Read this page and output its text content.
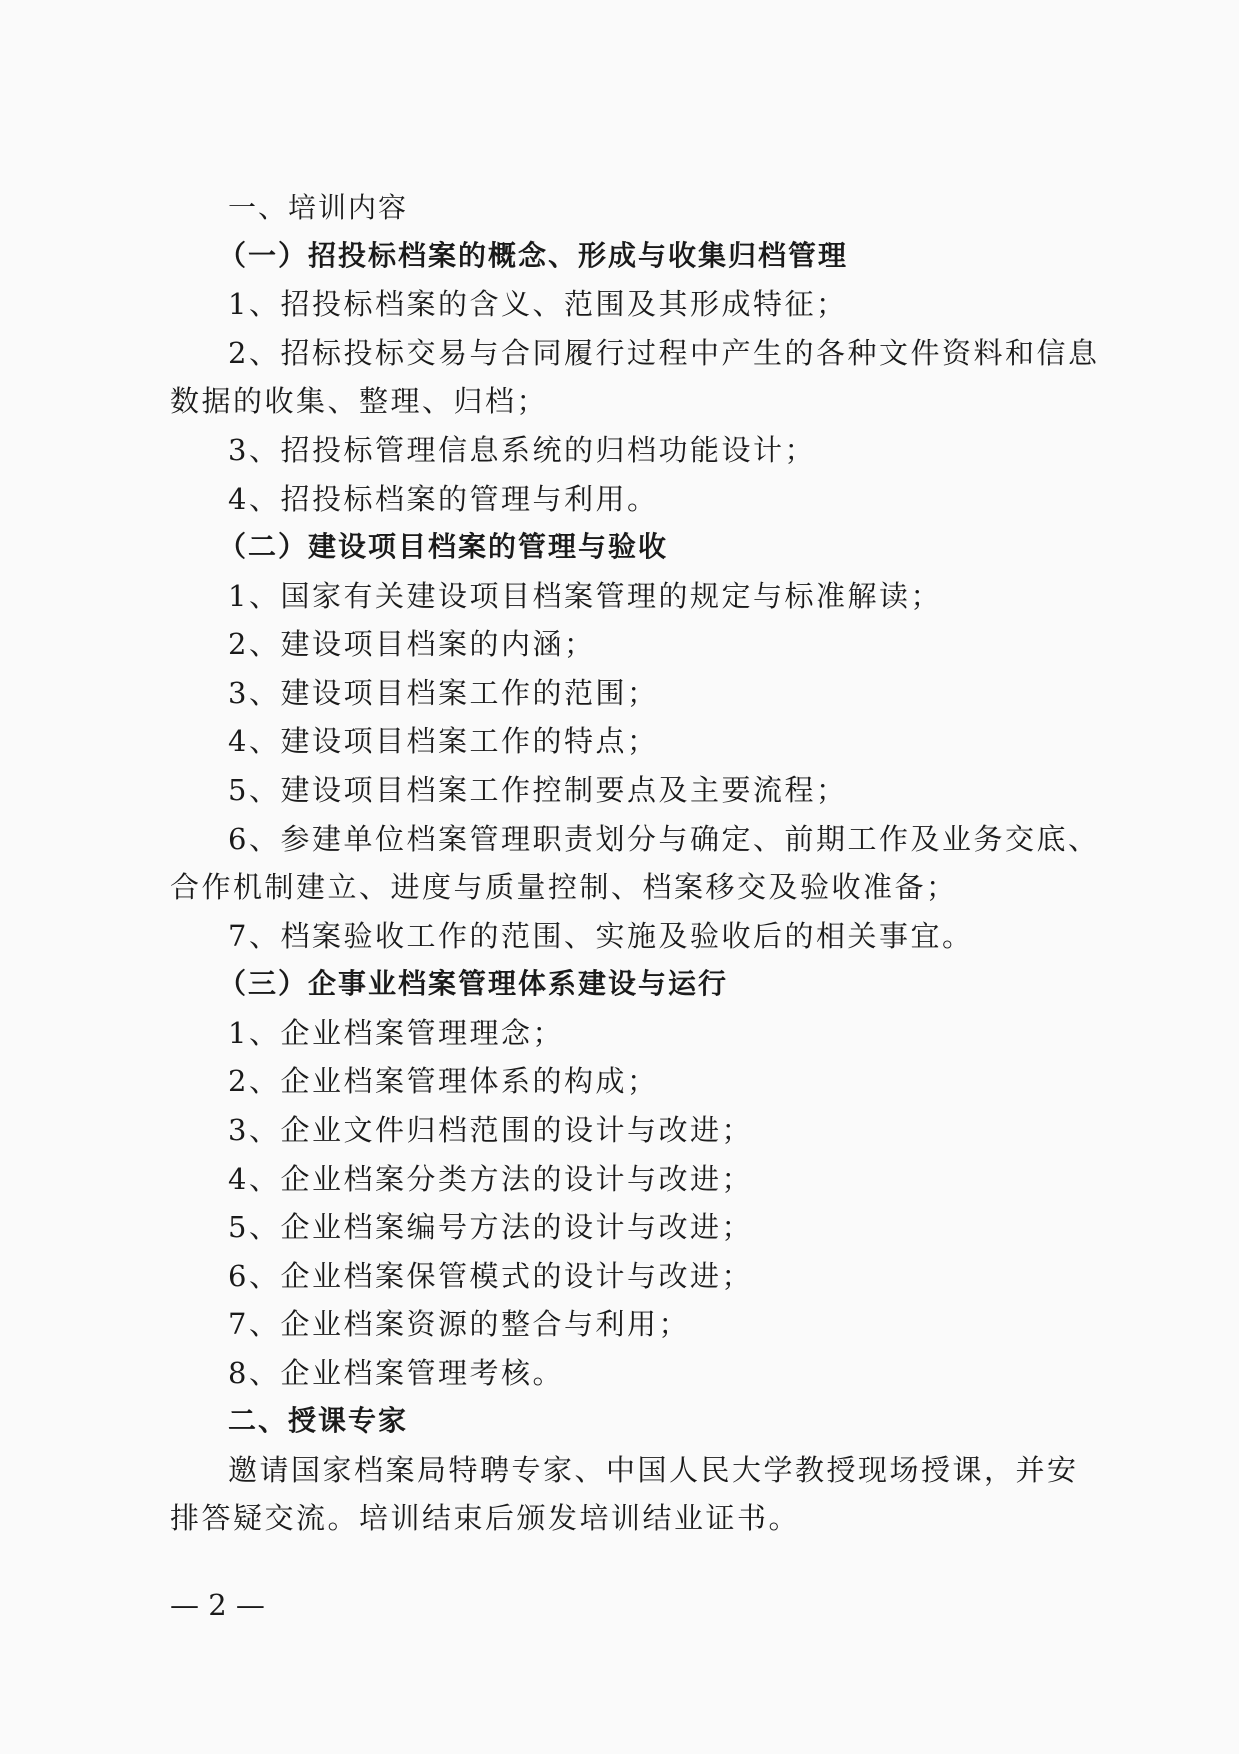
一、培训内容
（一）招投标档案的概念、形成与收集归档管理
1、招投标档案的含义、范围及其形成特征；
2、招标投标交易与合同履行过程中产生的各种文件资料和信息
数据的收集、整理、归档；
3、招投标管理信息系统的归档功能设计；
4、招投标档案的管理与利用。
（二）建设项目档案的管理与验收
1、国家有关建设项目档案管理的规定与标准解读；
2、建设项目档案的内涵；
3、建设项目档案工作的范围；
4、建设项目档案工作的特点；
5、建设项目档案工作控制要点及主要流程；
6、参建单位档案管理职责划分与确定、前期工作及业务交底、
合作机制建立、进度与质量控制、档案移交及验收准备；
7、档案验收工作的范围、实施及验收后的相关事宜。
（三）企事业档案管理体系建设与运行
1、企业档案管理理念；
2、企业档案管理体系的构成；
3、企业文件归档范围的设计与改进；
4、企业档案分类方法的设计与改进；
5、企业档案编号方法的设计与改进；
6、企业档案保管模式的设计与改进；
7、企业档案资源的整合与利用；
8、企业档案管理考核。
二、授课专家
邀请国家档案局特聘专家、中国人民大学教授现场授课，并安
排答疑交流。培训结束后颁发培训结业证书。
— 2 —
